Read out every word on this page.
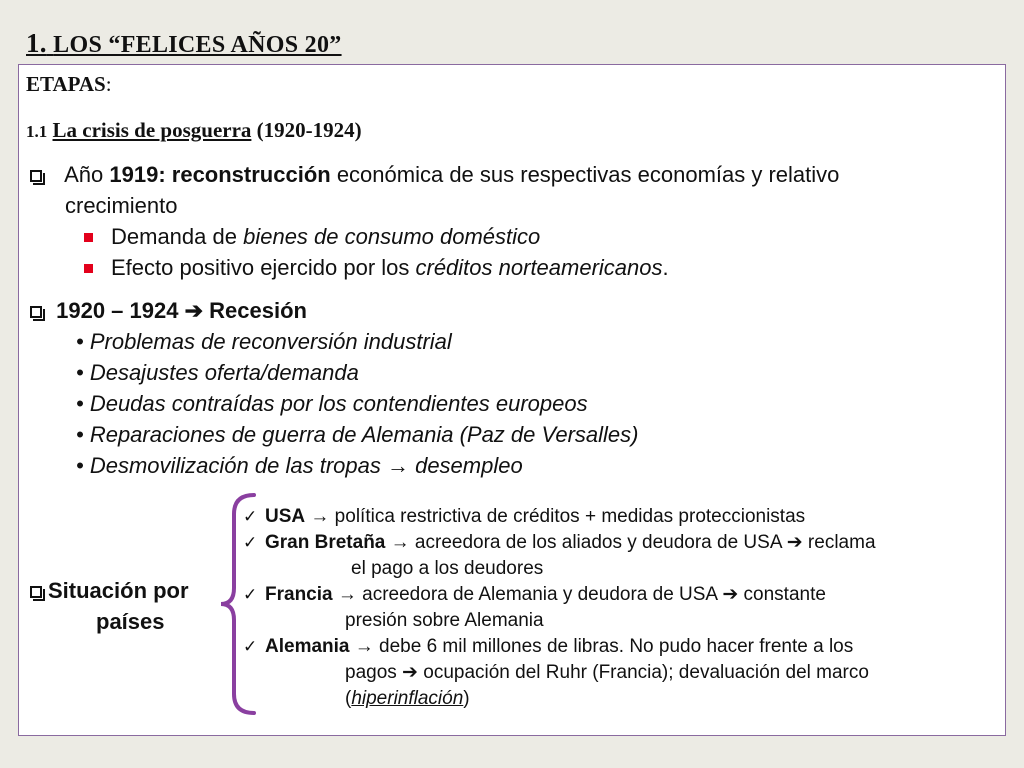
1. LOS “FELICES AÑOS 20”
ETAPAS:
1.1 La crisis de posguerra (1920-1924)
Año 1919: reconstrucción económica de sus respectivas economías y relativo
crecimiento
Demanda de bienes de consumo doméstico
Efecto positivo ejercido por los créditos norteamericanos.
1920 – 1924 ➔ Recesión
• Problemas de reconversión industrial
• Desajustes oferta/demanda
• Deudas contraídas por los contendientes europeos
• Reparaciones de guerra de Alemania (Paz de Versalles)
• Desmovilización de las tropas → desempleo
Situación por
países
✓ USA → política restrictiva de créditos + medidas proteccionistas
✓ Gran Bretaña → acreedora de los aliados y deudora de USA ➔ reclama
el pago a los deudores
✓ Francia → acreedora de Alemania y deudora de USA ➔ constante
presión sobre Alemania
✓ Alemania → debe 6 mil millones de libras. No pudo hacer frente a los
pagos ➔ ocupación del Ruhr (Francia); devaluación del marco
(hiperinflación)
